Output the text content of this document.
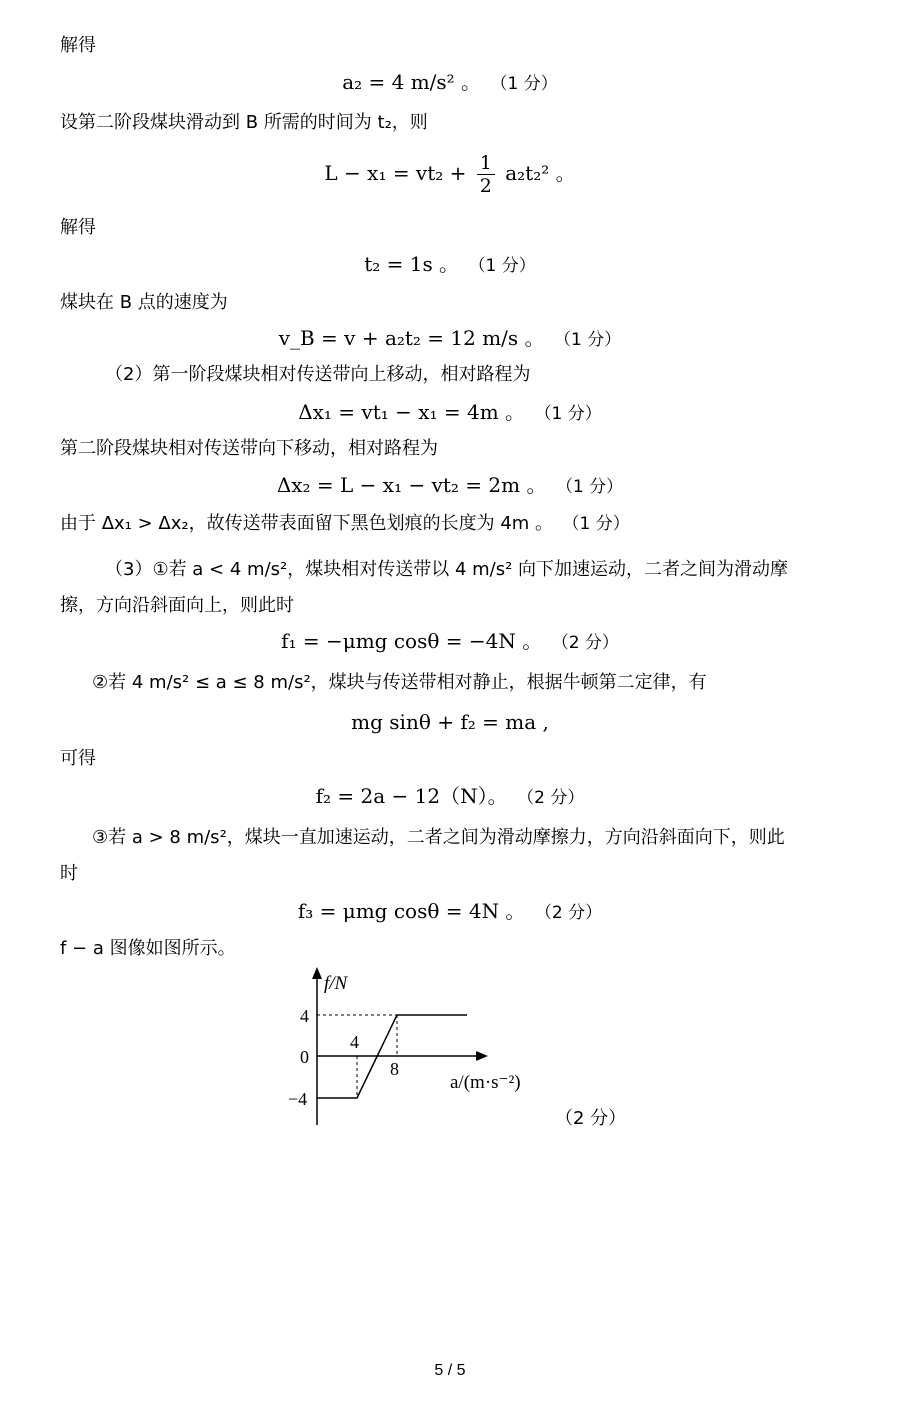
解得
a₂ = 4 m/s² 。 （1 分）
设第二阶段煤块滑动到 B 所需的时间为 t₂，则
$L - x_1 = vt_2 + \frac{1}{2} a_2t_2^2$ 。
解得
t₂ = 1s 。 （1 分）
煤块在 B 点的速度为
v_B = v + a₂t₂ = 12 m/s 。 （1 分）
（2）第一阶段煤块相对传送带向上移动，相对路程为
Δx₁ = vt₁ − x₁ = 4m 。 （1 分）
第二阶段煤块相对传送带向下移动，相对路程为
Δx₂ = L − x₁ − vt₂ = 2m 。 （1 分）
由于 Δx₁ > Δx₂，故传送带表面留下黑色划痕的长度为 4m 。 （1 分）
（3）①若 a < 4 m/s²，煤块相对传送带以 4 m/s² 向下加速运动，二者之间为滑动摩
擦，方向沿斜面向上，则此时
f₁ = −μmg cosθ = −4N 。 （2 分）
②若 4 m/s² ≤ a ≤ 8 m/s²，煤块与传送带相对静止，根据牛顿第二定律，有
mg sinθ + f₂ = ma ,
可得
f₂ = 2a − 12（N）。 （2 分）
③若 a > 8 m/s²，煤块一直加速运动，二者之间为滑动摩擦力，方向沿斜面向下，则此
时
f₃ = μmg cosθ = 4N 。 （2 分）
f − a 图像如图所示。
f/N
4
0
−4
4
8
a/(m·s⁻²)
（2 分）
5 / 5
